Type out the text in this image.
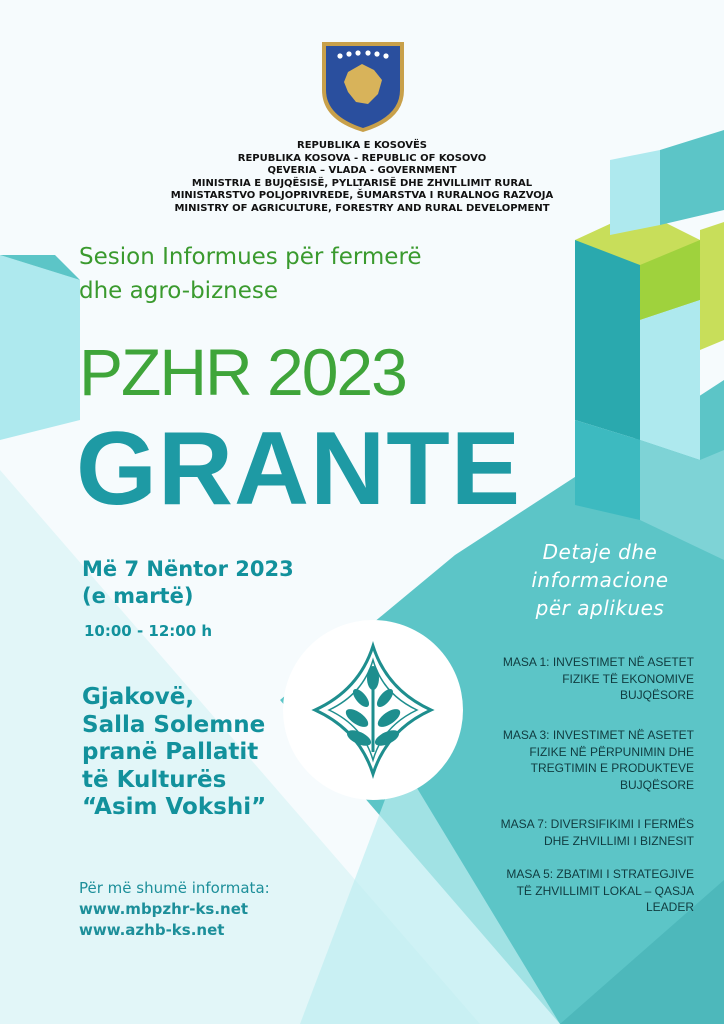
REPUBLIKA E KOSOVËS
REPUBLIKA KOSOVA - REPUBLIC OF KOSOVO
QEVERIA – VLADA - GOVERNMENT
MINISTRIA E BUJQËSISË, PYLLTARISË DHE ZHVILLIMIT RURAL
MINISTARSTVO POLJOPRIVREDE, ŠUMARSTVA I RURALNOG RAZVOJA
MINISTRY OF AGRICULTURE, FORESTRY AND RURAL DEVELOPMENT
Sesion Informues për fermerë
dhe agro-biznese
PZHR 2023
GRANTE
Më 7 Nëntor 2023
(e martë)
10:00 - 12:00 h
Gjakovë,
Salla Solemne
pranë Pallatit
të Kulturës
“Asim Vokshi”
Për më shumë informata:
www.mbpzhr-ks.net
www.azhb-ks.net
Detaje dhe
informacione
për aplikues
MASA 1: INVESTIMET NË ASETET
FIZIKE TË EKONOMIVE
BUJQËSORE
MASA 3: INVESTIMET NË ASETET
FIZIKE NË PËRPUNIMIN DHE
TREGTIMIN E PRODUKTEVE
BUJQËSORE
MASA 7: DIVERSIFIKIMI I FERMËS
DHE ZHVILLIMI I BIZNESIT
MASA 5: ZBATIMI I STRATEGJIVE
TË ZHVILLIMIT LOKAL – QASJA
LEADER
